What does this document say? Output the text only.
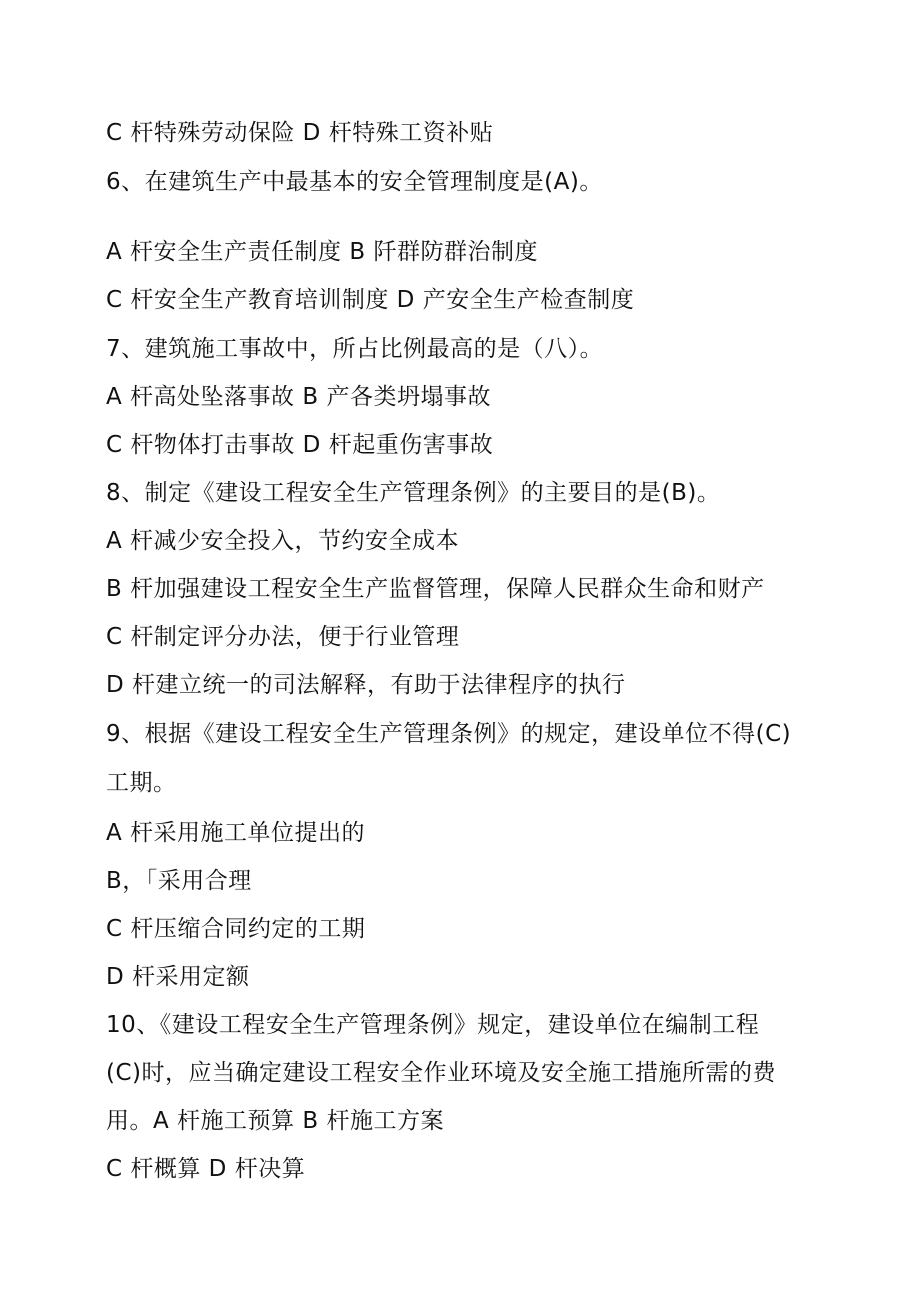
C 杆特殊劳动保险 D 杆特殊工资补贴
6、在建筑生产中最基本的安全管理制度是(A)。
A 杆安全生产责任制度 B 阡群防群治制度
C 杆安全生产教育培训制度 D 产安全生产检查制度
7、建筑施工事故中，所占比例最高的是（八）。
A 杆高处坠落事故 B 产各类坍塌事故
C 杆物体打击事故 D 杆起重伤害事故
8、制定《建设工程安全生产管理条例》的主要目的是(B)。
A 杆减少安全投入，节约安全成本
B 杆加强建设工程安全生产监督管理，保障人民群众生命和财产
C 杆制定评分办法，便于行业管理
D 杆建立统一的司法解释，有助于法律程序的执行
9、根据《建设工程安全生产管理条例》的规定，建设单位不得(C)
工期。
A 杆采用施工单位提出的
B，「采用合理
C 杆压缩合同约定的工期
D 杆采用定额
10、《建设工程安全生产管理条例》规定，建设单位在编制工程
(C)时，应当确定建设工程安全作业环境及安全施工措施所需的费
用。A 杆施工预算 B 杆施工方案
C 杆概算 D 杆决算
